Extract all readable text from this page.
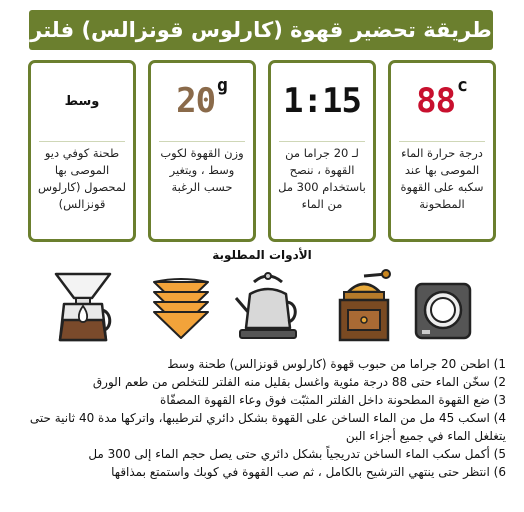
طريقة تحضير قهوة (كارلوس قونزالس) فلتر
وسط
طحنة كوفي ديو الموصى بها لمحصول (كارلوس قونزالس)
20 g
وزن القهوة لكوب وسط ، ويتغير حسب الرغبة
1:15
لـ 20 جراما من القهوة ، ننصح باستخدام 300 مل من الماء
88 c
درجة حرارة الماء الموصى بها عند سكبه على القهوة المطحونة
الأدوات المطلوبة
1) اطحن 20 جراما من حبوب قهوة (كارلوس قونزالس) طحنة وسط
2) سخّن الماء حتى 88 درجة مئوية واغسل بقليل منه الفلتر للتخلص من طعم الورق
3) ضع القهوة المطحونة داخل الفلتر المثبّت فوق وعاء القهوة المصفّاة
4) اسكب 45 مل من الماء الساخن على القهوة بشكل دائري لترطيبها، واتركها مدة 40 ثانية حتى يتغلغل الماء في جميع أجزاء البن
5) أكمل سكب الماء الساخن تدريجياً بشكل دائري حتى يصل حجم الماء إلى 300 مل
6) انتظر حتى ينتهي الترشيح بالكامل ، ثم صب القهوة في كوبك واستمتع بمذاقها
